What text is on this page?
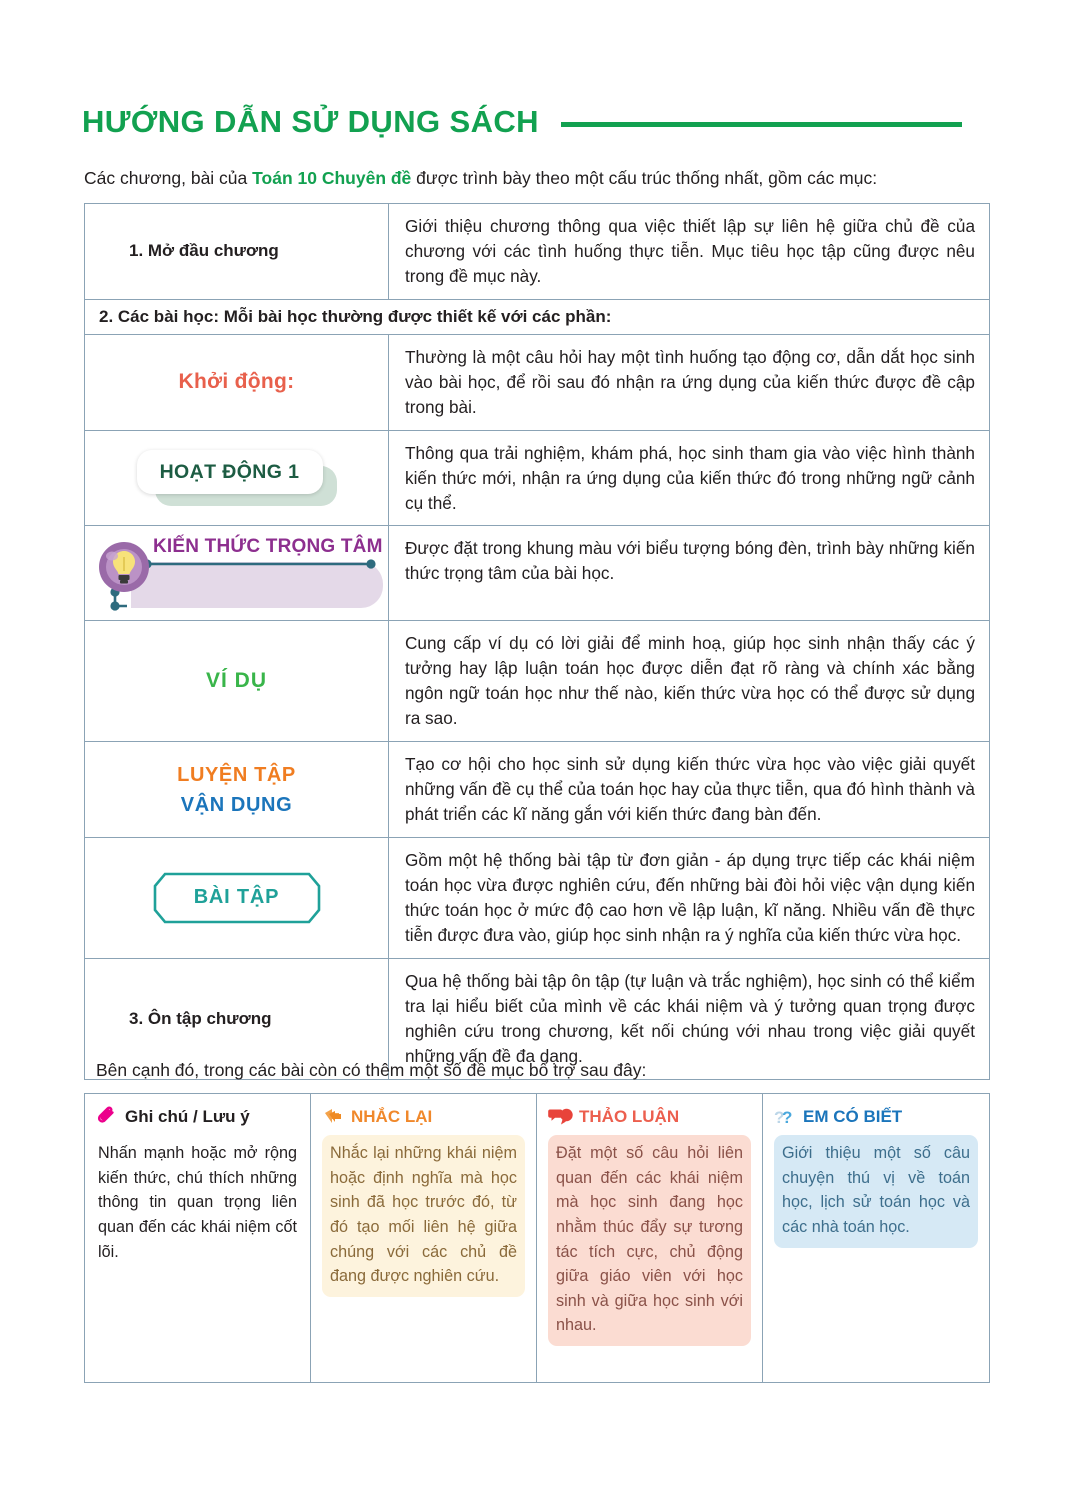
HƯỚNG DẪN SỬ DỤNG SÁCH
Các chương, bài của Toán 10 Chuyên đề được trình bày theo một cấu trúc thống nhất, gồm các mục:
1. Mở đầu chương
Giới thiệu chương thông qua việc thiết lập sự liên hệ giữa chủ đề của chương với các tình huống thực tiễn. Mục tiêu học tập cũng được nêu trong đề mục này.
2. Các bài học: Mỗi bài học thường được thiết kế với các phần:
Khởi động:
Thường là một câu hỏi hay một tình huống tạo động cơ, dẫn dắt học sinh vào bài học, để rồi sau đó nhận ra ứng dụng của kiến thức được đề cập trong bài.
HOẠT ĐỘNG 1
Thông qua trải nghiệm, khám phá, học sinh tham gia vào việc hình thành kiến thức mới, nhận ra ứng dụng của kiến thức đó trong những ngữ cảnh cụ thể.
KIẾN THỨC TRỌNG TÂM	Được đặt trong khung màu với biểu tượng bóng đèn, trình bày những kiến thức trọng tâm của bài học.
VÍ DỤ
Cung cấp ví dụ có lời giải để minh hoạ, giúp học sinh nhận thấy các ý tưởng hay lập luận toán học được diễn đạt rõ ràng và chính xác bằng ngôn ngữ toán học như thế nào, kiến thức vừa học có thể được sử dụng ra sao.
LUYỆN TẬP
VẬN DỤNG
Tạo cơ hội cho học sinh sử dụng kiến thức vừa học vào việc giải quyết những vấn đề cụ thể của toán học hay của thực tiễn, qua đó hình thành và phát triển các kĩ năng gắn với kiến thức đang bàn đến.
BÀI TẬP
Gồm một hệ thống bài tập từ đơn giản - áp dụng trực tiếp các khái niệm toán học vừa được nghiên cứu, đến những bài đòi hỏi việc vận dụng kiến thức toán học ở mức độ cao hơn về lập luận, kĩ năng. Nhiều vấn đề thực tiễn được đưa vào, giúp học sinh nhận ra ý nghĩa của kiến thức vừa học.
3. Ôn tập chương
Qua hệ thống bài tập ôn tập (tự luận và trắc nghiệm), học sinh có thể kiểm tra lại hiểu biết của mình về các khái niệm và ý tưởng quan trọng được nghiên cứu trong chương, kết nối chúng với nhau trong việc giải quyết những vấn đề đa dạng.
Bên cạnh đó, trong các bài còn có thêm một số đề mục bổ trợ sau đây:
Ghi chú / Lưu ý
Nhấn mạnh hoặc mở rộng kiến thức, chú thích những thông tin quan trọng liên quan đến các khái niệm cốt lõi.
NHẮC LẠI
Nhắc lại những khái niệm hoặc định nghĩa mà học sinh đã học trước đó, từ đó tạo mối liên hệ giữa chúng với các chủ đề đang được nghiên cứu.
THẢO LUẬN
Đặt một số câu hỏi liên quan đến các khái niệm mà học sinh đang học nhằm thúc đẩy sự tương tác tích cực, chủ động giữa giáo viên với học sinh và giữa học sinh với nhau.
?
? EM CÓ BIẾT
Giới thiệu một số câu chuyện thú vị về toán học, lịch sử toán học và các nhà toán học.
